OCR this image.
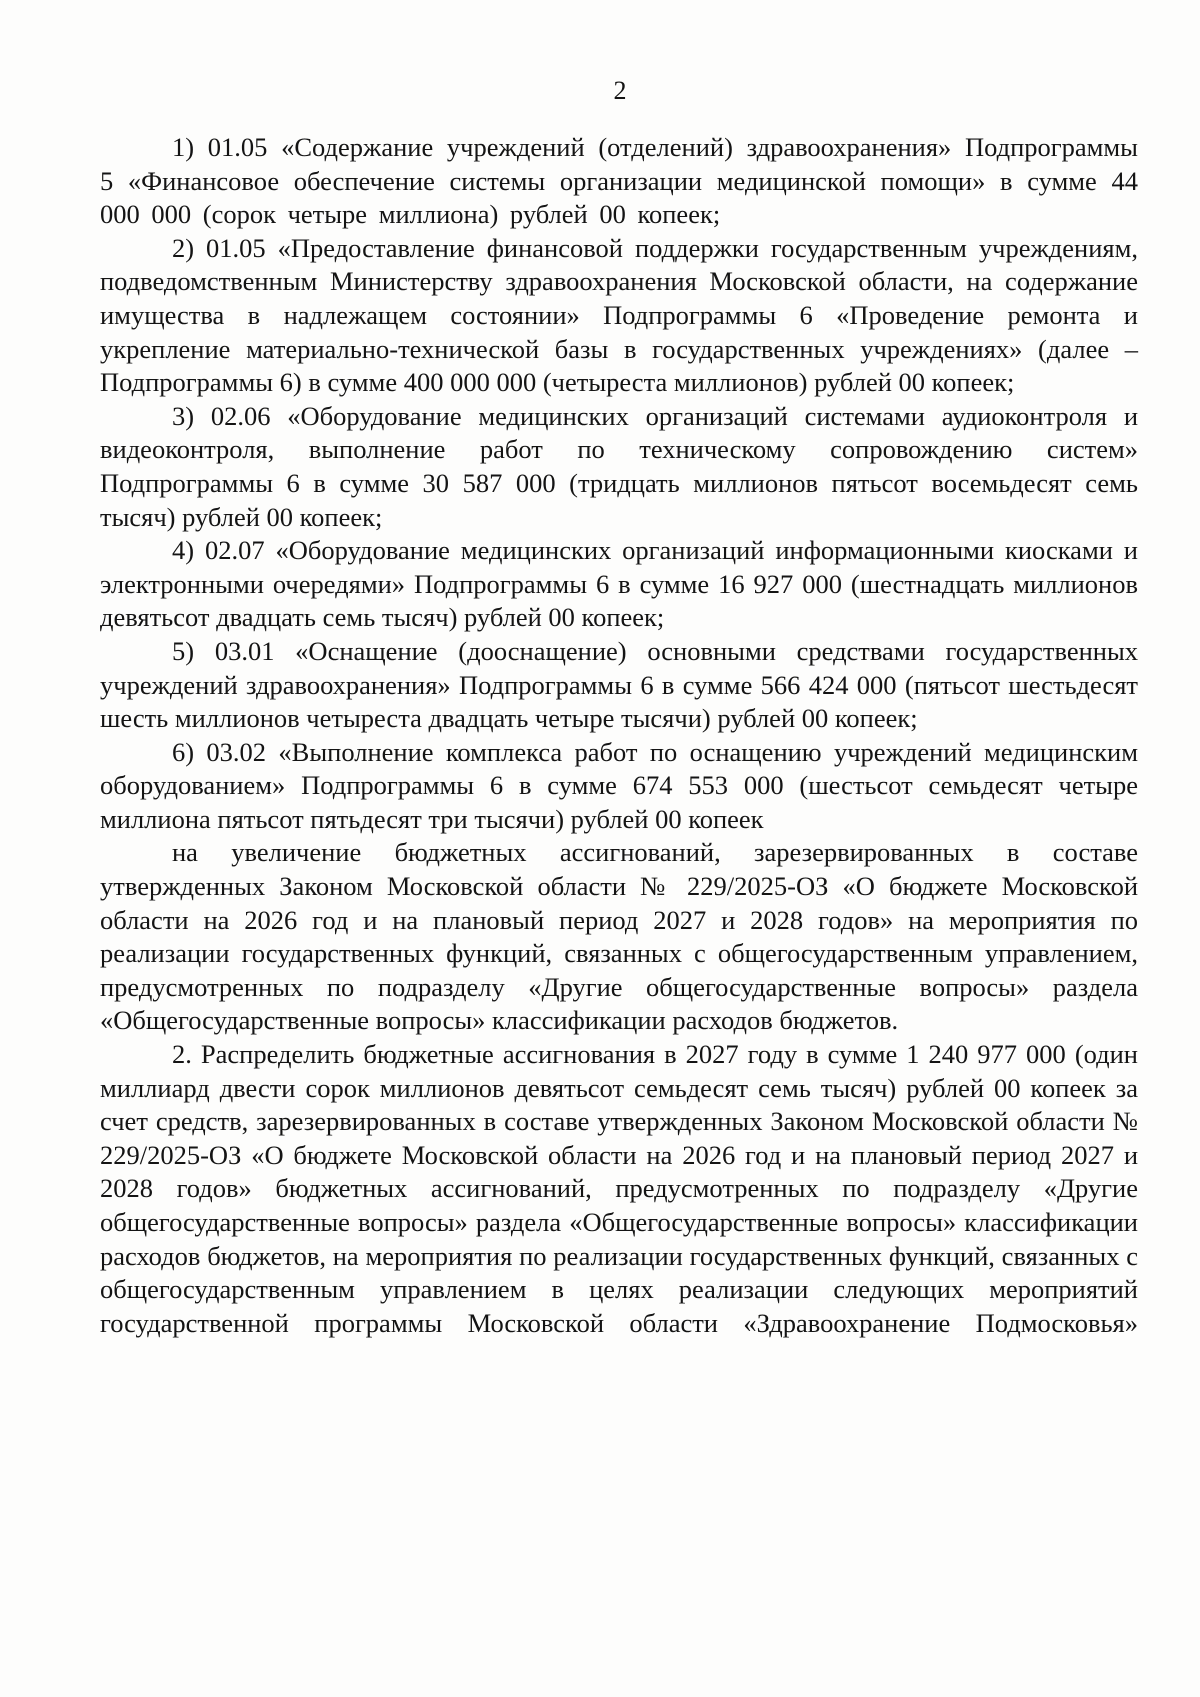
2

1) 01.05 «Содержание учреждений (отделений) здравоохранения» Подпрограммы 5 «Финансовое обеспечение системы организации медицинской помощи» в сумме 44 000 000 (сорок четыре миллиона) рублей 00 копеек;

2) 01.05 «Предоставление финансовой поддержки государственным учреждениям, подведомственным Министерству здравоохранения Московской области, на содержание имущества в надлежащем состоянии» Подпрограммы 6 «Проведение ремонта и укрепление материально-технической базы в государственных учреждениях» (далее – Подпрограммы 6) в сумме 400 000 000 (четыреста миллионов) рублей 00 копеек;

3) 02.06 «Оборудование медицинских организаций системами аудиоконтроля и видеоконтроля, выполнение работ по техническому сопровождению систем» Подпрограммы 6 в сумме 30 587 000 (тридцать миллионов пятьсот восемьдесят семь тысяч) рублей 00 копеек;

4) 02.07 «Оборудование медицинских организаций информационными киосками и электронными очередями» Подпрограммы 6 в сумме 16 927 000 (шестнадцать миллионов девятьсот двадцать семь тысяч) рублей 00 копеек;

5) 03.01 «Оснащение (дооснащение) основными средствами государственных учреждений здравоохранения» Подпрограммы 6 в сумме 566 424 000 (пятьсот шестьдесят шесть миллионов четыреста двадцать четыре тысячи) рублей 00 копеек;

6) 03.02 «Выполнение комплекса работ по оснащению учреждений медицинским оборудованием» Подпрограммы 6 в сумме 674 553 000 (шестьсот семьдесят четыре миллиона пятьсот пятьдесят три тысячи) рублей 00 копеек

на увеличение бюджетных ассигнований, зарезервированных в составе утвержденных Законом Московской области № 229/2025-ОЗ «О бюджете Московской области на 2026 год и на плановый период 2027 и 2028 годов» на мероприятия по реализации государственных функций, связанных с общегосударственным управлением, предусмотренных по подразделу «Другие общегосударственные вопросы» раздела «Общегосударственные вопросы» классификации расходов бюджетов.

2. Распределить бюджетные ассигнования в 2027 году в сумме 1 240 977 000 (один миллиард двести сорок миллионов девятьсот семьдесят семь тысяч) рублей 00 копеек за счет средств, зарезервированных в составе утвержденных Законом Московской области № 229/2025-ОЗ «О бюджете Московской области на 2026 год и на плановый период 2027 и 2028 годов» бюджетных ассигнований, предусмотренных по подразделу «Другие общегосударственные вопросы» раздела «Общегосударственные вопросы» классификации расходов бюджетов, на мероприятия по реализации государственных функций, связанных с общегосударственным управлением в целях реализации следующих мероприятий государственной программы Московской области «Здравоохранение Подмосковья»
